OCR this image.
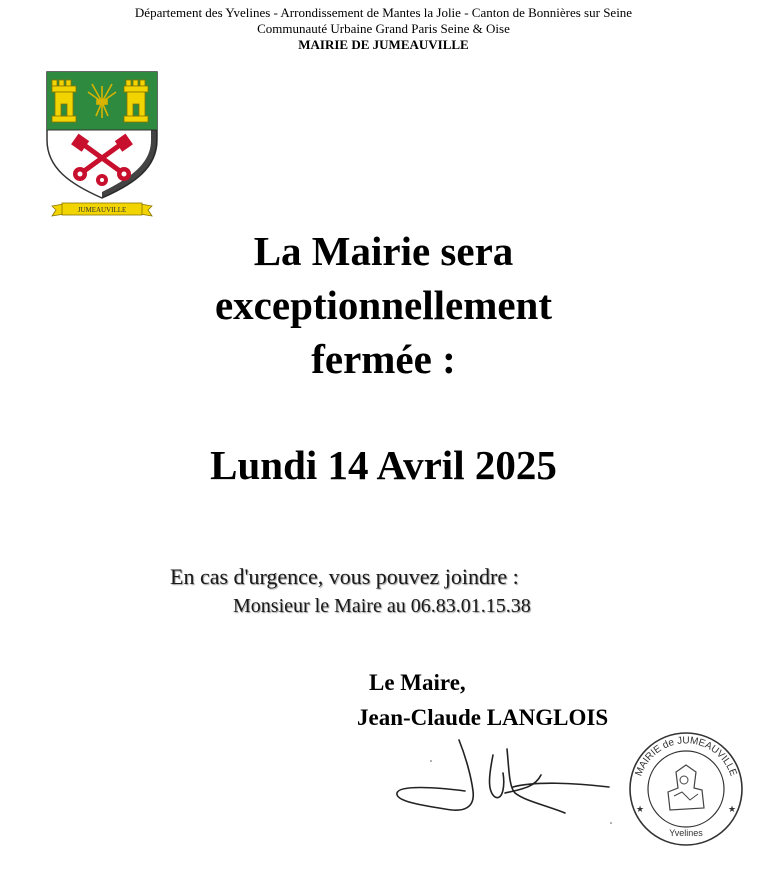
Département des Yvelines - Arrondissement de Mantes la Jolie - Canton de Bonnières sur Seine
Communauté Urbaine Grand Paris Seine & Oise
MAIRIE DE JUMEAUVILLE
JUMEAUVILLE
La Mairie sera
exceptionnellement
fermée :
Lundi 14 Avril 2025
En cas d'urgence, vous pouvez joindre :
Monsieur le Maire au 06.83.01.15.38
Le Maire,
Jean-Claude LANGLOIS
★	★
MAIRIE de JUMEAUVILLE
Yvelines
